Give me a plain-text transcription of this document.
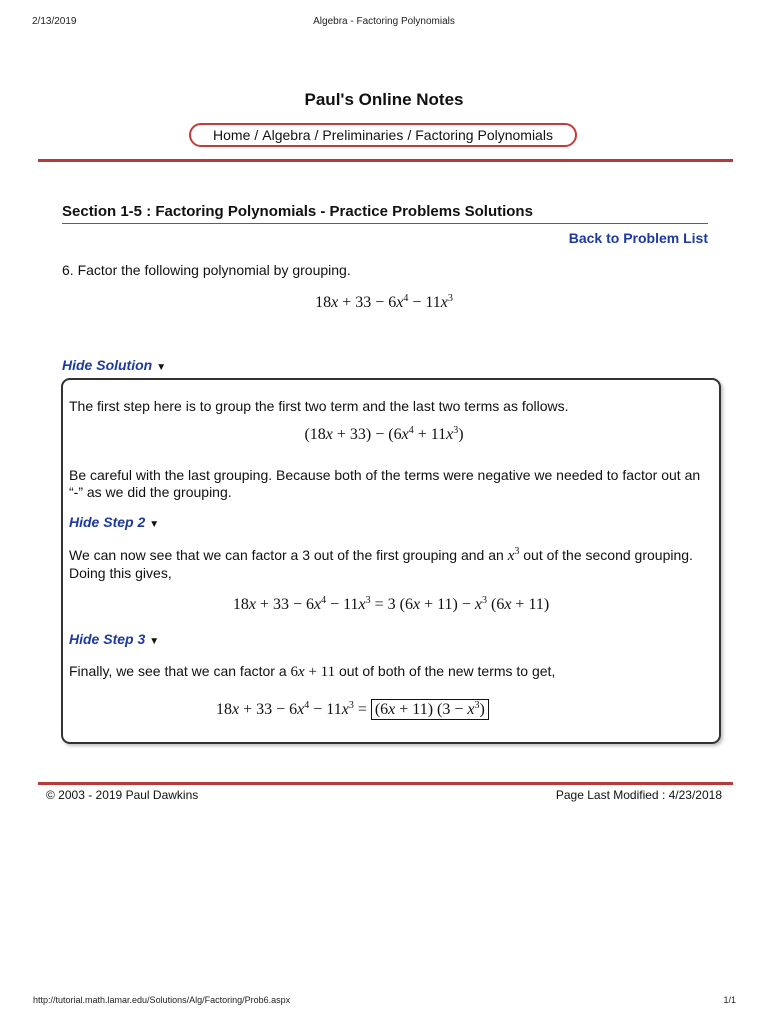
2/13/2019	Algebra - Factoring Polynomials
Paul's Online Notes
Home / Algebra / Preliminaries / Factoring Polynomials
Section 1-5 : Factoring Polynomials - Practice Problems Solutions
Back to Problem List
6. Factor the following polynomial by grouping.
$18x + 33 - 6x^4 - 11x^3$
Hide Solution ▼
The first step here is to group the first two term and the last two terms as follows.
$(18x + 33) - (6x^4 + 11x^3)$
Be careful with the last grouping. Because both of the terms were negative we needed to factor out an “-” as we did the grouping.
Hide Step 2 ▼
We can now see that we can factor a 3 out of the first grouping and an $x^3$ out of the second grouping. Doing this gives,
$18x + 33 - 6x^4 - 11x^3 = 3$ $(6x + 11) - x^3$ (6x + 11)
Hide Step 3 ▼
Finally, we see that we can factor a 6x + 11 out of both of the new terms to get,
$18x + 33 - 6x^4 - 11x^3 = (6x + 11) (3 - x^3)$
© 2003 - 2019 Paul Dawkins	Page Last Modified : 4/23/2018
http://tutorial.math.lamar.edu/Solutions/Alg/Factoring/Prob6.aspx	1/1
